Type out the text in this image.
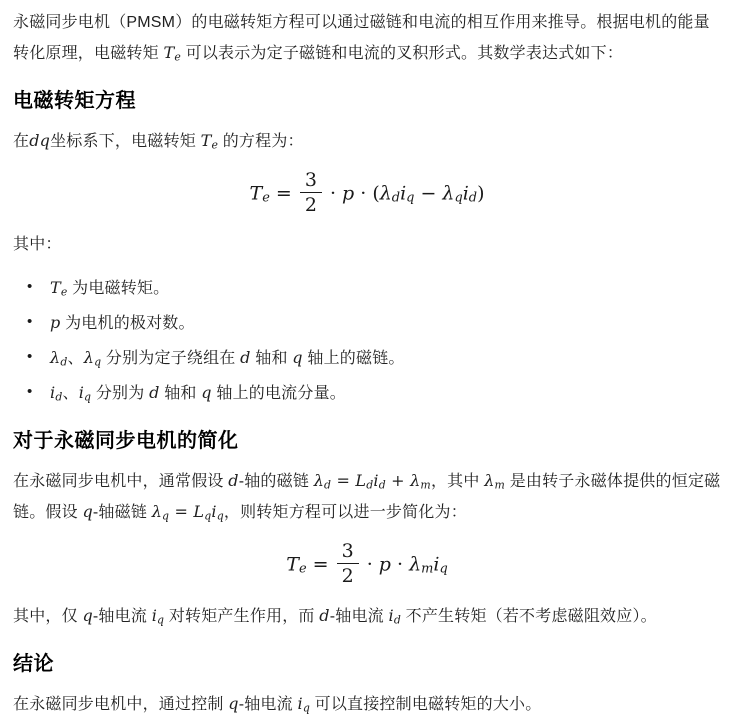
永磁同步电机（PMSM）的电磁转矩方程可以通过磁链和电流的相互作用来推导。根据电机的能量转化原理，电磁转矩 $T_e$ 可以表示为定子磁链和电流的叉积形式。其数学表达式如下：

电磁转矩方程

在dq坐标系下，电磁转矩 $T_e$ 的方程为：

$T_e = \frac{3}{2} \cdot p \cdot (\lambda_di_q - \lambda_qi_d)$

其中：

• $T_e$ 为电磁转矩。
• p 为电机的极对数。
• $\lambda_d$、$\lambda_q$ 分别为定子绕组在 d 轴和 q 轴上的磁链。
• $i_d$、$i_q$ 分别为 d 轴和 q 轴上的电流分量。
对于永磁同步电机的简化

在永磁同步电机中，通常假设 d-轴的磁链 $\lambda_d = L_di_d + \lambda_m$，其中 $\lambda_m$ 是由转子永磁体提供的恒定磁链。假设 q-轴磁链 $\lambda_q = L_qi_q$，则转矩方程可以进一步简化为：

$T_e = \frac{3}{2} \cdot p \cdot \lambda_mi_q$

其中，仅 q-轴电流 $i_q$ 对转矩产生作用，而 d-轴电流 $i_d$ 不产生转矩（若不考虑磁阻效应）。

结论

在永磁同步电机中，通过控制 q-轴电流 $i_q$ 可以直接控制电磁转矩的大小。
